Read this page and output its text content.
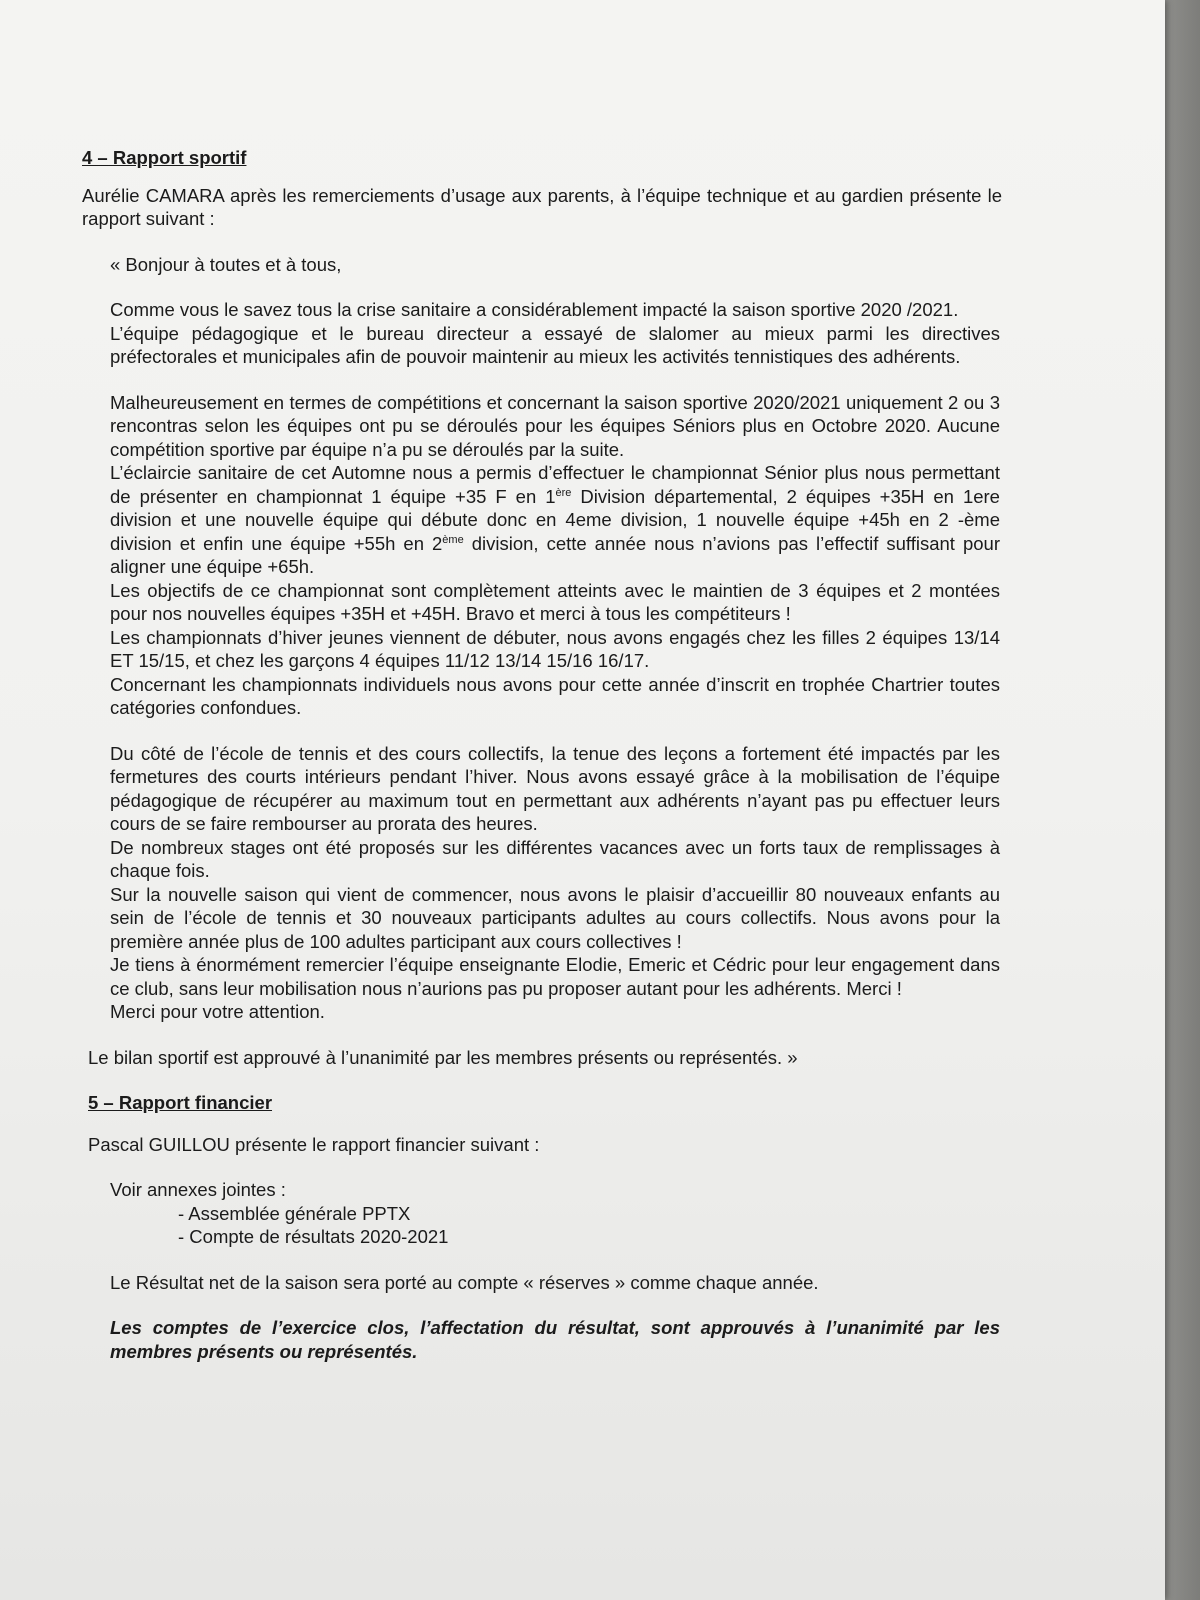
4 – Rapport sportif

Aurélie CAMARA après les remerciements d’usage aux parents, à l’équipe technique et au gardien présente le rapport suivant :

« Bonjour à toutes et à tous,

Comme vous le savez tous la crise sanitaire a considérablement impacté la saison sportive 2020 /2021.

L’équipe pédagogique et le bureau directeur a essayé de slalomer au mieux parmi les directives préfectorales et municipales afin de pouvoir maintenir au mieux les activités tennistiques des adhérents.

Malheureusement en termes de compétitions et concernant la saison sportive 2020/2021 uniquement 2 ou 3 rencontras selon les équipes ont pu se déroulés pour les équipes Séniors plus en Octobre 2020. Aucune compétition sportive par équipe n’a pu se déroulés par la suite.

L’éclaircie sanitaire de cet Automne nous a permis d’effectuer le championnat Sénior plus nous permettant de présenter en championnat 1 équipe +35 F en 1ère Division départemental, 2 équipes +35H en 1ere division et une nouvelle équipe qui débute donc en 4eme division, 1 nouvelle équipe +45h en 2 -ème division et enfin une équipe +55h en 2ème division, cette année nous n’avions pas l’effectif suffisant pour aligner une équipe +65h.

Les objectifs de ce championnat sont complètement atteints avec le maintien de 3 équipes et 2 montées pour nos nouvelles équipes +35H et +45H. Bravo et merci à tous les compétiteurs !

Les championnats d’hiver jeunes viennent de débuter, nous avons engagés chez les filles 2 équipes 13/14 ET 15/15, et chez les garçons 4 équipes 11/12 13/14 15/16 16/17.

Concernant les championnats individuels nous avons pour cette année d’inscrit en trophée Chartrier toutes catégories confondues.

Du côté de l’école de tennis et des cours collectifs, la tenue des leçons a fortement été impactés par les fermetures des courts intérieurs pendant l’hiver. Nous avons essayé grâce à la mobilisation de l’équipe pédagogique de récupérer au maximum tout en permettant aux adhérents n’ayant pas pu effectuer leurs cours de se faire rembourser au prorata des heures.

De nombreux stages ont été proposés sur les différentes vacances avec un forts taux de remplissages à chaque fois.

Sur la nouvelle saison qui vient de commencer, nous avons le plaisir d’accueillir 80 nouveaux enfants au sein de l’école de tennis et 30 nouveaux participants adultes au cours collectifs. Nous avons pour la première année plus de 100 adultes participant aux cours collectives !

Je tiens à énormément remercier l’équipe enseignante Elodie, Emeric et Cédric pour leur engagement dans ce club, sans leur mobilisation nous n’aurions pas pu proposer autant pour les adhérents. Merci !

Merci pour votre attention.

Le bilan sportif est approuvé à l’unanimité par les membres présents ou représentés. »

5 – Rapport financier

Pascal GUILLOU présente le rapport financier suivant :

Voir annexes jointes :

- Assemblée générale PPTX
- Compte de résultats 2020-2021

Le Résultat net de la saison sera porté au compte « réserves » comme chaque année.

Les comptes de l’exercice clos, l’affectation du résultat, sont approuvés à l’unanimité par les membres présents ou représentés.
